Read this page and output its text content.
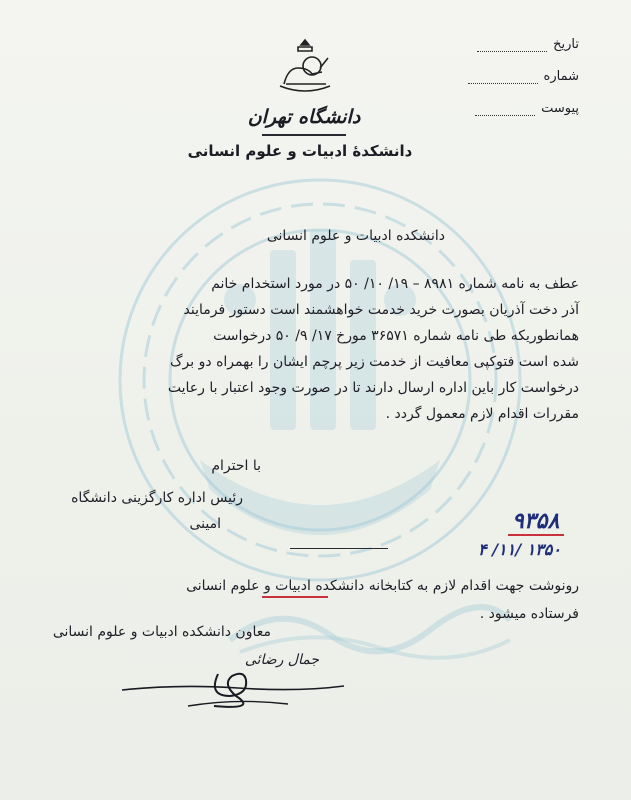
دانشگاه تهران
دانشکدهٔ ادبیات و علوم انسانی
تاریخ
شماره
پیوست
دانشکده ادبیات و علوم انسانی
عطف به نامه شماره ۸۹۸۱ – ۱۹/ ۱۰/ ۵۰ در مورد استخدام خانم
آذر دخت آذریان بصورت خرید خدمت خواهشمند است دستور فرمایند
همانطوریکه طی نامه شماره ۳۶۵۷۱ مورخ ۱۷/ ۹/ ۵۰ درخواست
شده است فتوکپی معافیت از خدمت زیر پرچم ایشان را بهمراه دو برگ
درخواست کار باین اداره ارسال دارند تا در صورت وجود اعتبار با رعایت
مقررات اقدام لازم معمول گردد .
با احترام
رئیس اداره کارگزینی دانشگاه
امینی	۹۳۵۸
۴ /۱۱/ ۱۳۵۰
رونوشت جهت اقدام لازم به کتابخانه دانشکده ادبیات و علوم انسانی
فرستاده میشود .
معاون دانشکده ادبیات و علوم انسانی
جمال رضائی
